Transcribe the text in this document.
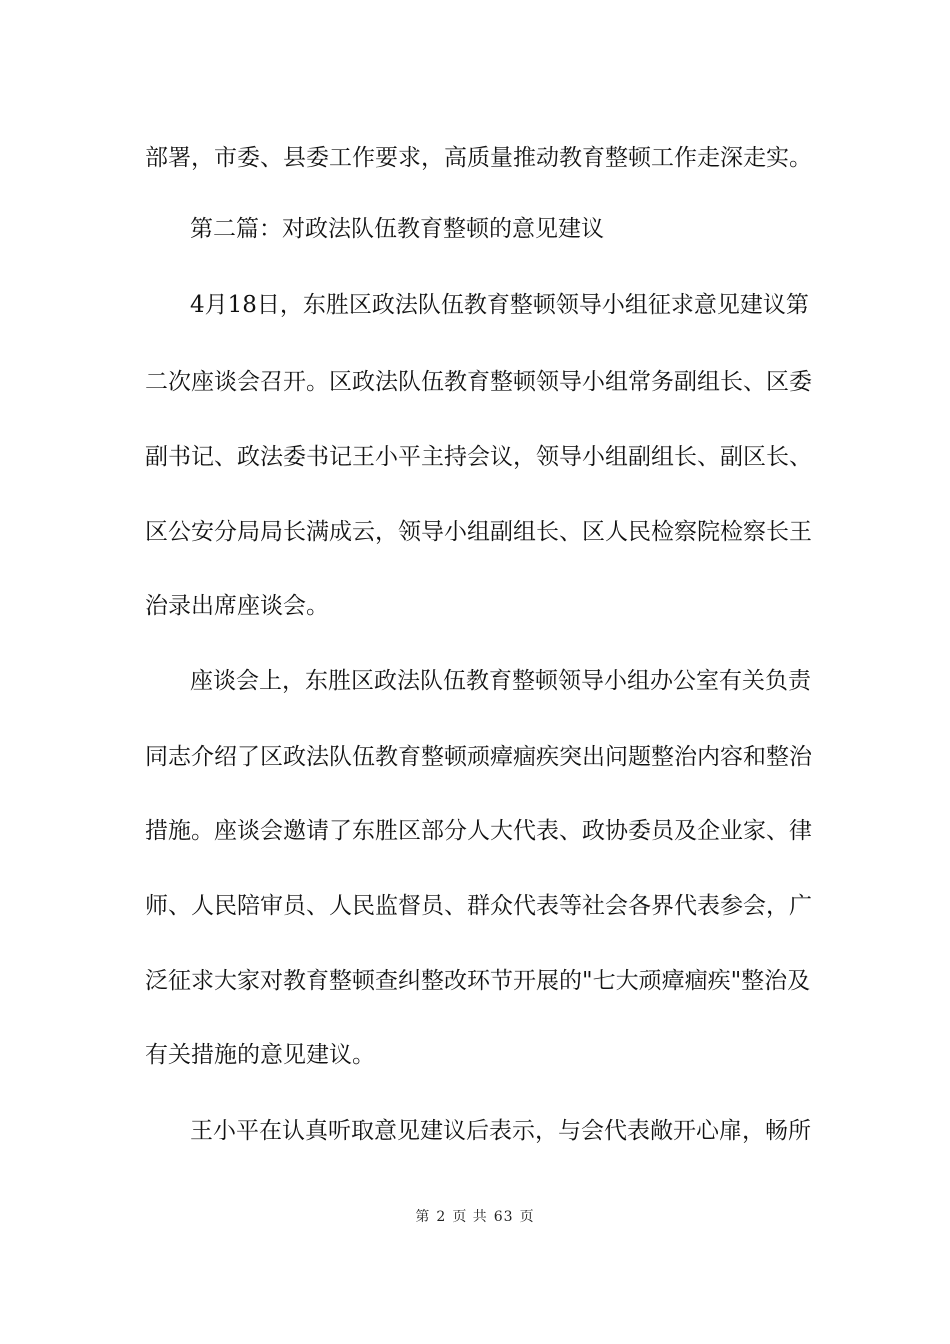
部署，市委、县委工作要求，高质量推动教育整顿工作走深走实。
第二篇：对政法队伍教育整顿的意见建议
4月18日，东胜区政法队伍教育整顿领导小组征求意见建议第
二次座谈会召开。区政法队伍教育整顿领导小组常务副组长、区委
副书记、政法委书记王小平主持会议，领导小组副组长、副区长、
区公安分局局长满成云，领导小组副组长、区人民检察院检察长王
治录出席座谈会。
座谈会上，东胜区政法队伍教育整顿领导小组办公室有关负责
同志介绍了区政法队伍教育整顿顽瘴痼疾突出问题整治内容和整治
措施。座谈会邀请了东胜区部分人大代表、政协委员及企业家、律
师、人民陪审员、人民监督员、群众代表等社会各界代表参会，广
泛征求大家对教育整顿查纠整改环节开展的"七大顽瘴痼疾"整治及
有关措施的意见建议。
王小平在认真听取意见建议后表示，与会代表敞开心扉，畅所
第 2 页 共 63 页
